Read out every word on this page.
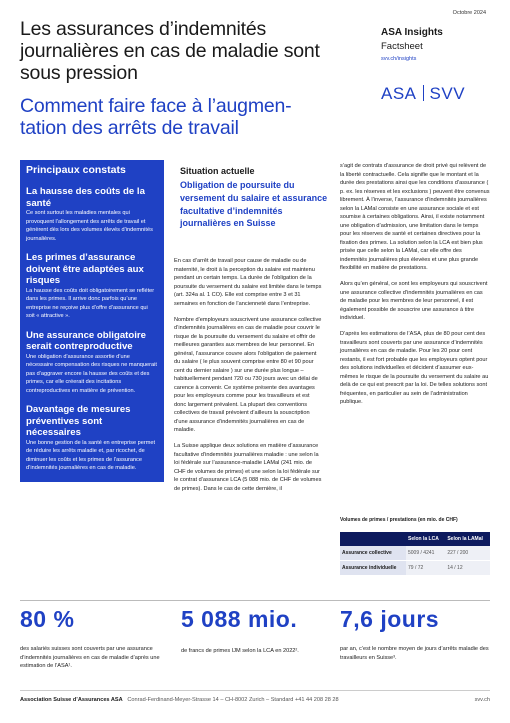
Les assurances d’indemnités journalières en cas de maladie sont sous pression
Comment faire face à l’augmen-
tation des arrêts de travail
Octobre 2024
ASA Insights
Factsheet
svv.ch/insights
ASA SVV
Principaux constats
La hausse des coûts de la santé

Ce sont surtout les maladies mentales qui provoquent l’allongement des arrêts de travail et génèrent dès lors des volumes élevés d’indemnités journalières.

Les primes d’assurance doivent être adaptées aux risques

La hausse des coûts doit obligatoirement se refléter dans les primes. Il arrive donc parfois qu’une entreprise ne reçoive plus d’offre d’assurance qui soit « attractive ».

Une assurance obligatoire serait contreproductive

Une obligation d’assurance assortie d’une nécessaire compensation des risques ne manquerait pas d’aggraver encore la hausse des coûts et des primes, car elle créerait des incitations contreproductives en matière de prévention.

Davantage de mesures préventives sont nécessaires

Une bonne gestion de la santé en entreprise permet de réduire les arrêts maladie et, par ricochet, de diminuer les coûts et les primes de l’assurance d’indemnités journalières en cas de maladie.

Situation actuelle
Obligation de poursuite du versement du salaire et assurance facultative d’indemnités journalières en Suisse

En cas d’arrêt de travail pour cause de maladie ou de maternité, le droit à la perception du salaire est maintenu pendant un certain temps. La durée de l’obligation de la poursuite du versement du salaire est limitée dans le temps (art. 324a al. 1 CO). Elle est comprise entre 3 et 31 semaines en fonction de l’ancienneté dans l’entreprise.

Nombre d’employeurs souscrivent une assurance collective d’indemnités journalières en cas de maladie pour couvrir le risque de la poursuite du versement du salaire et offrir de meilleures garanties aux membres de leur personnel. En général, l’assurance couvre alors l’obligation de paiement du salaire ( le plus souvent comprise entre 80 et 90 pour cent du dernier salaire ) sur une durée plus longue – habituellement pendant 720 ou 730 jours avec un délai de carence à convenir. Ce système présente des avantages pour les employeurs comme pour les travailleurs et est donc largement prévalent. La plupart des conventions collectives de travail prévoient d’ailleurs la souscription d’une assurance d’indemnités journalières en cas de maladie.

La Suisse applique deux solutions en matière d’assurance facultative d’indemnités journalières maladie : une selon la loi fédérale sur l’assurance-maladie LAMal (241 mio. de CHF de volumes de primes) et une selon la loi fédérale sur le contrat d’assurance LCA (5 088 mio. de CHF de volumes de primes). Dans le cas de cette dernière, il

s’agit de contrats d’assurance de droit privé qui relèvent de la liberté contractuelle. Cela signifie que le montant et la durée des prestations ainsi que les conditions d’assurance ( p. ex. les réserves et les exclusions ) peuvent être convenus librement. À l’inverse, l’assurance d’indemnités journalières selon la LAMal consiste en une assurance sociale et est soumise à certaines obligations. Ainsi, il existe notamment une obligation d’admission, une limitation dans le temps pour les réserves de santé et certaines directives pour la fixation des primes. La solution selon la LCA est bien plus prisée que celle selon la LAMal, car elle offre des indemnités journalières plus élevées et une plus grande flexibilité en matière de prestations.

Alors qu’en général, ce sont les employeurs qui souscrivent une assurance collective d’indemnités journalières en cas de maladie pour les membres de leur personnel, il est également possible de souscrire une assurance à titre individuel.

D’après les estimations de l’ASA, plus de 80 pour cent des travailleurs sont couverts par une assurance d’indemnités journalières en cas de maladie. Pour les 20 pour cent restants, il est fort probable que les employeurs optent pour des solutions individuelles et décident d’assumer eux-mêmes le risque de la poursuite du versement du salaire au delà de ce qui est prescrit par la loi. De telles solutions sont fréquentes, en particulier au sein de l’administration publique.

Volumes de primes / prestations (en mio. de CHF)
	Selon la LCA	Selon la LAMal
Assurance collective	5009 / 4241	227 / 200
Assurance individuelle	79 / 72	14 / 12
80 %	5 088 mio. 7,6 jours
des salariés suisses sont couverts par une assurance d’indemnités journalières en cas de maladie d’après une estimation de l’ASA¹.
de francs de primes IJM selon la LCA en 2022².	par an, c’est le nombre moyen de jours d’arrêts maladie des travailleurs en Suisse³.
Association Suisse d’Assurances ASA Conrad-Ferdinand-Meyer-Strasse 14 – CH-8002 Zurich – Standard +41 44 208 28 28	svv.ch
